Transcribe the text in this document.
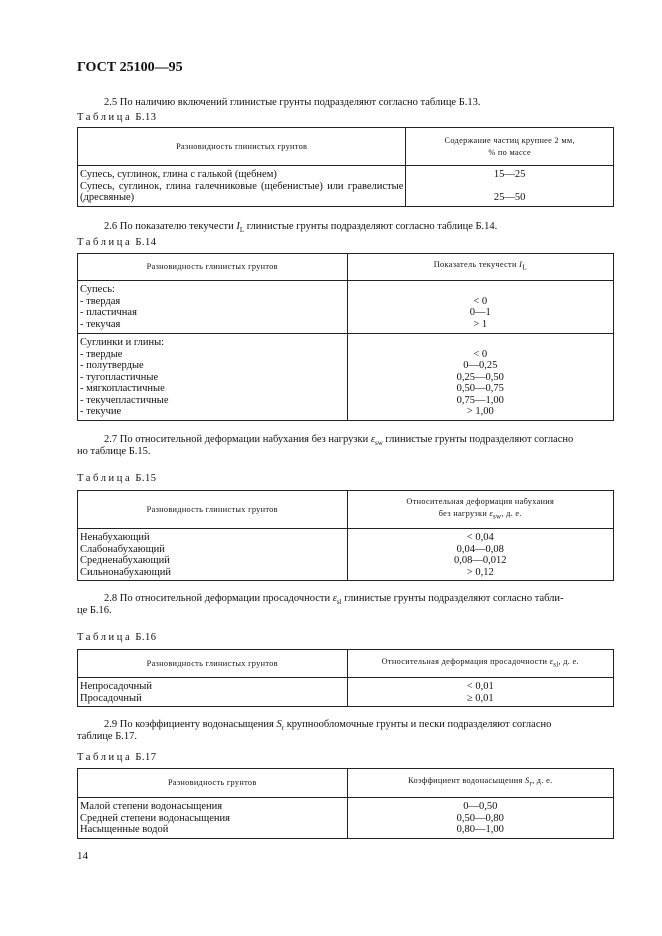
ГОСТ 25100—95
2.5 По наличию включений глинистые грунты подразделяют согласно таблице Б.13.
Таблица Б.13
Разновидность глинистых грунтов	Содержание частиц крупнее 2 мм,
% по массе
Супесь, суглинок, глина с галькой (щебнем)	15—25
Супесь, суглинок, глина галечниковые (щебенистые) или гравелистые (дресвяные)	25—50
2.6 По показателю текучести $I_L$ глинистые грунты подразделяют согласно таблице Б.14.
Таблица Б.14
Разновидность глинистых грунтов	Показатель текучести $I_L$
Супесь:	
- твердая	< 0
- пластичная	0—1
- текучая	> 1
Суглинки и глины:	
- твердые	< 0
- полутвердые	0—0,25
- тугопластичные	0,25—0,50
- мягкопластичные	0,50—0,75
- текучепластичные	0,75—1,00
- текучие	> 1,00
2.7 По относительной деформации набухания без нагрузки $\varepsilon_{sw}$ глинистые грунты подразделяют согласно
но таблице Б.15.
Таблица Б.15
Разновидность глинистых грунтов	Относительная деформация набухания
без нагрузки $\varepsilon_{sw}$, д. е.
Ненабухающий	< 0,04
Слабонабухающий	0,04—0,08
Средненабухающий	0,08—0,012
Сильнонабухающий	> 0,12
2.8 По относительной деформации просадочности $\varepsilon_{sl}$ глинистые грунты подразделяют согласно табли-
це Б.16.
Таблица Б.16
Разновидность глинистых грунтов	Относительная деформация просадочности $\varepsilon_{sl}$, д. е.
Непросадочный	< 0,01
Просадочный	≥ 0,01
2.9 По коэффициенту водонасыщения $S_r$ крупнообломочные грунты и пески подразделяют согласно
таблице Б.17.
Таблица Б.17
Разновидность грунтов	Коэффициент водонасыщения $S_r$, д. е.
Малой степени водонасыщения	0—0,50
Средней степени водонасыщения	0,50—0,80
Насыщенные водой	0,80—1,00
14
